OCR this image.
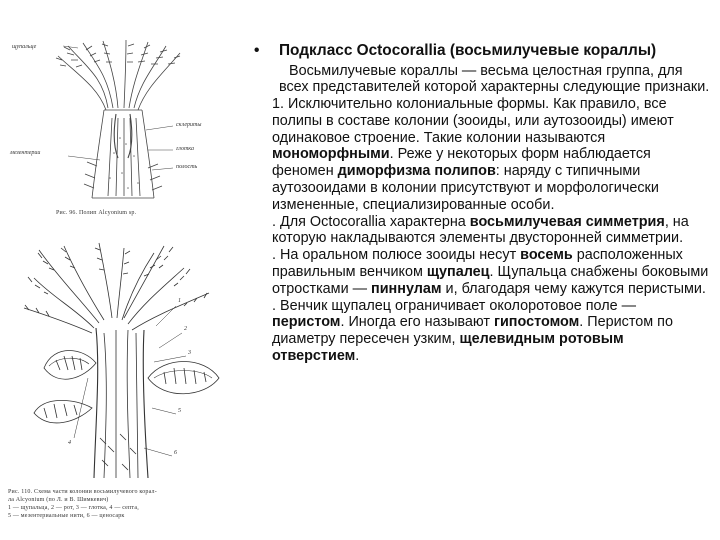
щупальце
склериты
глотка
мезентерии
полость
Рис. 96. Полип Alcyonium sp.
1
2
3
4
5
6
Рис. 110. Схема части колонии восьмилучевого корал-
ла Alcyonium (по Л. и В. Шимкевич)
1 — щупальца, 2 — рот, 3 — глотка, 4 — септа,
5 — мезентериальные нити, 6 — ценосарк
• Подкласс Octocorallia (восьмилучевые кораллы)

Восьмилучевые кораллы — весьма целостная группа, для всех представителей которой характерны следующие признаки.

1. Исключительно колониальные формы. Как правило, все полипы в составе колонии (зооиды, или аутозооиды) имеют одинаковое строение. Такие колонии называются мономорфными. Реже у некоторых форм наблюдается феномен диморфизма полипов: наряду с типичными аутозооидами в колонии присутствуют и морфологически измененные, специализированные особи.

. Для Octocorallia характерна восьмилучевая симметрия, на которую накладываются элементы двусторонней симметрии.

. На оральном полюсе зооиды несут восемь расположенных правильным венчиком щупалец. Щупальца снабжены боковыми отростками — пиннулам и, благодаря чему кажутся перистыми.

. Венчик щупалец ограничивает околоротовое поле — перистом. Иногда его называют гипостомом. Перистом по диаметру пересечен узким, щелевидным ротовым отверстием.
